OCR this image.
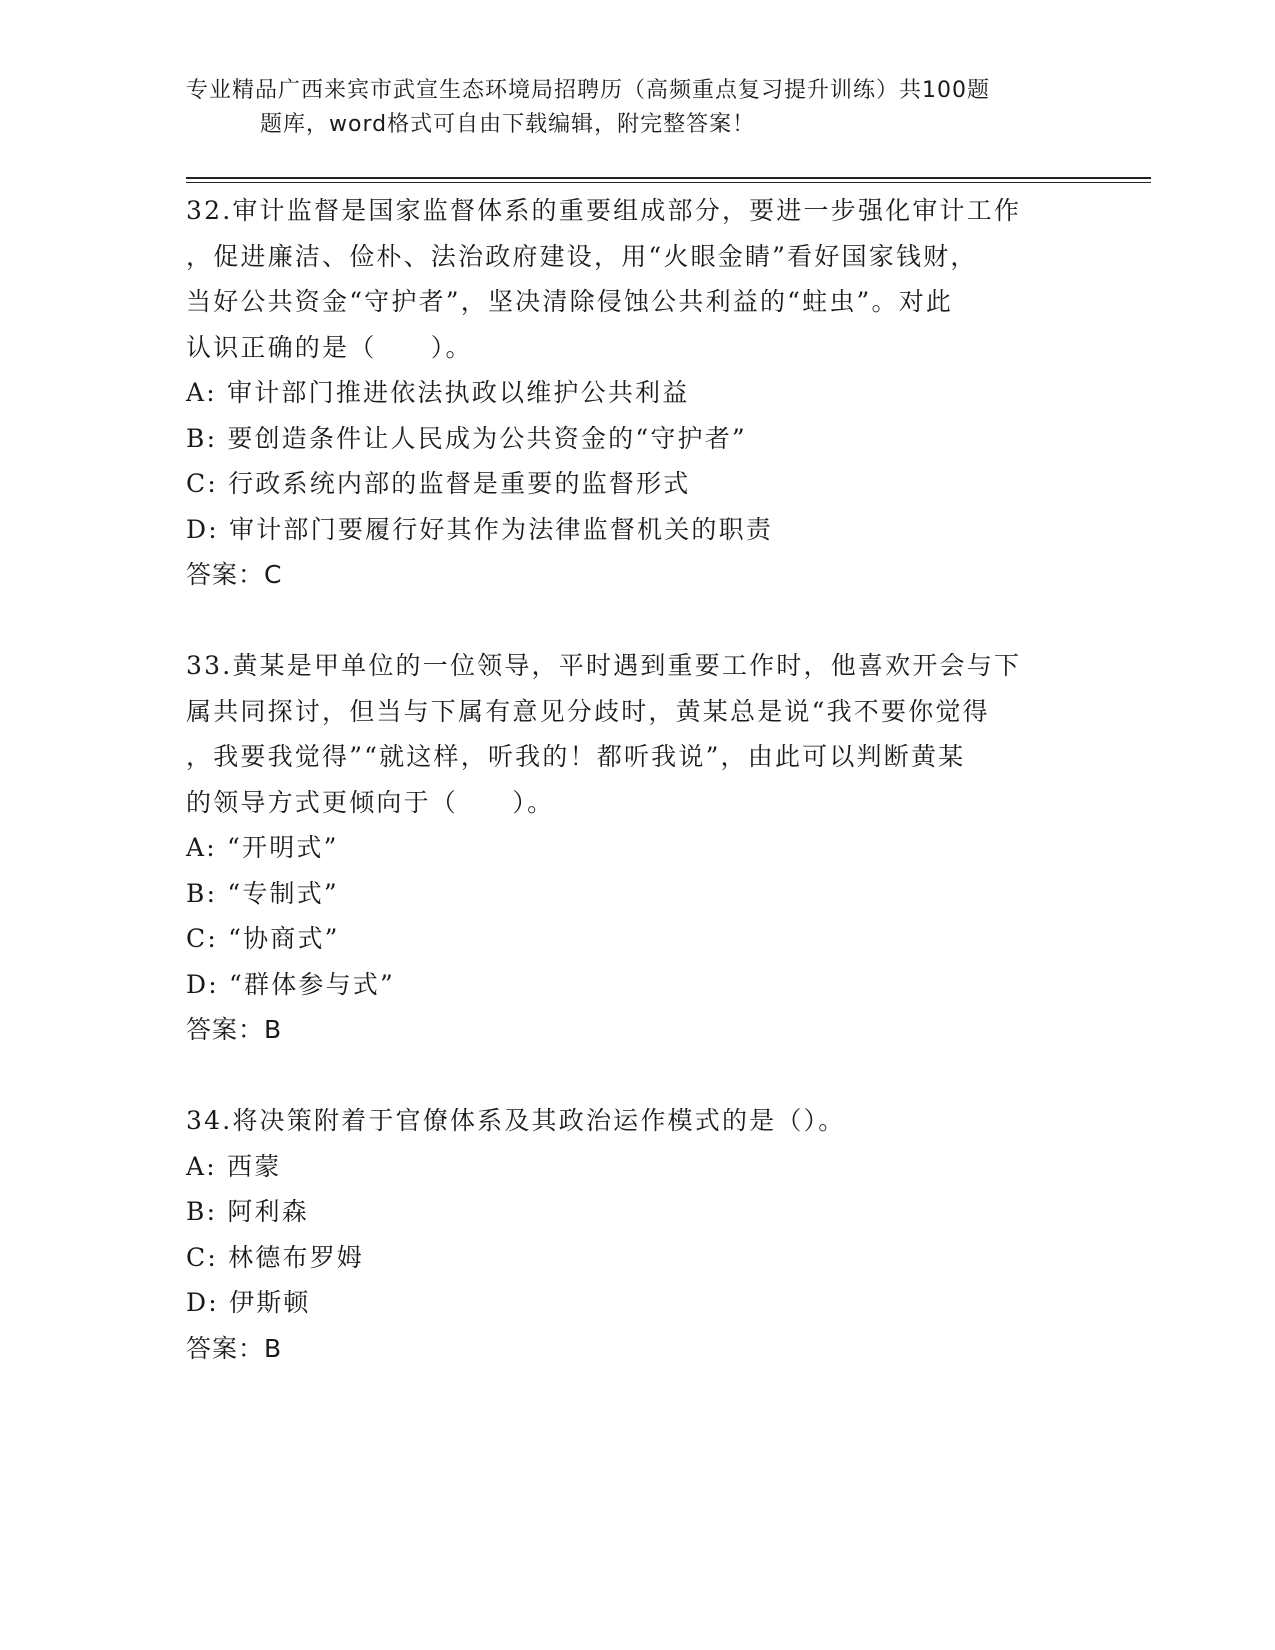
专业精品广西来宾市武宣生态环境局招聘历（高频重点复习提升训练）共100题
题库，word格式可自由下载编辑，附完整答案！

32.审计监督是国家监督体系的重要组成部分，要进一步强化审计工作

，促进廉洁、俭朴、法治政府建设，用“火眼金睛”看好国家钱财，

当好公共资金“守护者”，坚决清除侵蚀公共利益的“蛀虫”。对此

认识正确的是（　　）。

A: 审计部门推进依法执政以维护公共利益

B: 要创造条件让人民成为公共资金的“守护者”

C: 行政系统内部的监督是重要的监督形式

D: 审计部门要履行好其作为法律监督机关的职责

答案：C

33.黄某是甲单位的一位领导，平时遇到重要工作时，他喜欢开会与下

属共同探讨，但当与下属有意见分歧时，黄某总是说“我不要你觉得

，我要我觉得”“就这样，听我的！都听我说”，由此可以判断黄某

的领导方式更倾向于（　　）。

A: “开明式”

B: “专制式”

C: “协商式”

D: “群体参与式”

答案：B

34.将决策附着于官僚体系及其政治运作模式的是（）。

A: 西蒙

B: 阿利森

C: 林德布罗姆

D: 伊斯顿

答案：B
